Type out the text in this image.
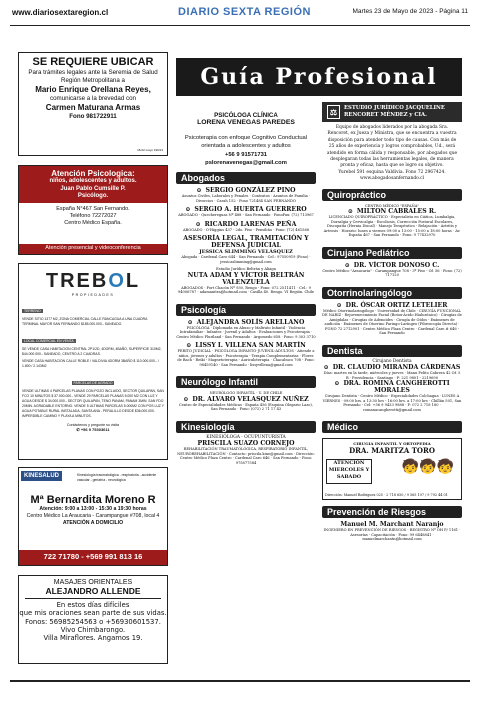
www.diariosextaregion.cl	DIARIO SEXTA REGIÓN	Martes 23 de Mayo de 2023 - Página 11
SE REQUIERE UBICAR
Para trámites legales ante la Seremia de Salud Región Metropolitana a
Mario Enrique Orellana Reyes,
comunicarse a la brevedad con
Carmen Maturana Armas
Fono 981722911
18-02 mayo 196/13
Atención Psicologica:
niños, adolescentes y adultos.
Juan Pablo Cumsille P.
Psicólogo.
España N°467 San Fernando.
Teléfono 72272027
Centro Médico España.
Atención presencial y videoconferencia
TREBOL
PROPIEDADES
TERRENO
VENDE SITIO 1377 M2, ZONA COMERCIAL CALLE RANCAGUA A UNA CUADRA TERMINAL MAYOR SAN FERNANDO $185.000.000.- SANEADO.
LOCAL COMERCIAL EN VENTA
SE VENDE CASA HABITACION CENTRAL 2P1/2D, 4DORM, 4BAÑO, SUPERFICIE 310M2, $44.000.000.- SANEADO, CENTRO A 2 CUADRAS.
VENDE CASA HABITACION CALLE ROBLE / VALDIVIA 4DORM 3BAÑO $ 110.000.000.- / 1.800 / 2.143M2
PARCELAS DE AGRADO
VENDE ULTIMAS 4 PARCELAS PLANAS CON POZO INCLUIDO, SECTOR QUILAPAN, SAN FCO 10 MINUTOS $ 37.000.000.- VENDE 29 PARCELAS PLANAS 5.000 M2 CON LUZ Y AGUA DESDE $ 34.000.000.- SECTOR QUILAPAN, TENO PANAM, PANAM 3MIN. SAN FDO 20MIN. AGRADABLE ENTORNO. VENDE 5 ULTIMAS PARCELAS 5.000M2 CON POS LUZ Y AGUA POTABLE RURAL INSTALADA, SANTA ANA - PERALILLO DESDE $36.000.000. IMPERDIBLE CAMINO Y PLAYA A MINUTOS.
Contáctenos y pregunte su visita
✆ +56 9 75303611
KINESALUD	Kinesiología traumatológica - respiratoria - accidente vascular - geriatría - neurológica
Mª Bernardita Moreno R
Atención: 9:00 a 13:00 - 15:30 a 19:30 horas
Centro Médico La Araucaria - Carampangue #708, local 4
ATENCIÓN A DOMICILIO
722 71780 - +569 991 813 16
MASAJES ORIENTALES
ALEJANDRO ALLENDE
En estos días difíciles
que mis oraciones sean parte de sus vidas.
Fonos: 56985254563 o +56930601537.
Vivo Chimbarongo.
Villa Miraflores. Angamos 19.
Guía Profesional
PSICÓLOGA CLÍNICA
LORENA VENEGAS PAREDES
Psicoterapia con enfoque Cognitivo Conductual orientada a adolescentes y adultos
+56 9 91571731
pslorenavenegas@gmail.com
Abogados
⊙ SERGIO GONZÁLEZ PINO
Asuntos Civiles, Laborales y Penales · Contratos · Asuntos de Familia · Divorcios · Carah 152 · Fono 721484 SAN FERNANDO
⊙ SERGIO A. HUERTA GUERRERO
ABOGADO · Quechereguas Nº 488 - San Fernando · FonoFax: (72) 713967
⊙ RICARDO LARENAS PEÑA
ABOGADO · O'Higgins 437 - 2do. Piso - Pensiliño · Fono: (72) 461568
ASESORÍA LEGAL, TRAMITACIÓN Y DEFENSA JUDICIAL
JESSICA SLIMMING VELÁSQUEZ
Abogada · Cardenal Caro 644 - San Fernando · Cel.: 97550919 (Fono) · jessicaslimming@gmail.com
Estudio Jurídico Beltrán y Aliaga
NUTA ADAM Y VÍCTOR BELTRÁN VALENZUELA
ABOGADOS · Port Chacón Nº 930, Rengo - Fono: 072 2511411 · Cel.: 9 94006787 - adamanitra@hotmail.com · Casilla 40. Rengo. VI Región. Chile
Psicología
⊙ ALEJANDRA SOLÍS ARELLANO
PSICÓLOGA · Diplomada en Abuso y Maltrato Infantil · Violencia Intrafamiliar · Infantes · Juvenil y Adultos · Evaluaciones y Psicoterapia · Centro Médico Pluriland - San Fernando · Argomedo 658 · Fono: 9 303 3710
⊙ LISSY I. VILLENA SAN MARTÍN
PERITO JUDICIAL · PSICÓLOGA INFANTO-JUVENIL-ADULTOS · Atiende a niños, jóvenes y adultos · Psicoterapia - Terapia Complementarias · Flores de Bach - Reiki - Magnetoterapia - Auriculoterapia · Chacabuco 708 - Fono: 98459140 - San Fernando · lissyvillena@gmail.com
Neurólogo Infantil
NEURÓLOGO INFANTIL · U. DE CHILE
⊙ DR. ALVARO VELASQUEZ NUÑEZ
Centro de Especialidades Médicas · España 456 (Esquina Olegario Lazo), San Fernando · Fono: (072) 2 71 17 43
Kinesiología
KINESIÓLOGA · OCUPUNTURISTA
PRISCILA SUAZO CORNEJO
REHABILITACIÓN TRAUMATOLÓGICA, RESPIRATORIO INFANTIL, NEUROREHABILITACIÓN · Contacto: priscila.kine@gmail.com · Dirección: Centro Médico Plaza Centro · Cardenal Caro 646 · San Fernando - Fono: 975877584
⚖	ESTUDIO JURÍDICO JACQUELINE RENCORET MÉNDEZ y CIA.
Equipo de abogados liderados por la abogada Sra. Rencoret, ex Jueza y Ministra, que se encuentra a vuestra disposición para atender todo tipo de causas. Con más de 25 años de experiencia y logros comprobables, Ud., será atendido en forma cálida y responsable, por abogados que desplegaran todas las herramientas legales, de manera pronta y eficaz, hasta que se logre su objetivo.
Yurebel 591 esquina Valdivia. Fono 72 2967424.
www.abogadosanfernando.cl
Quiropráctico
CENTRO MÉDICO "ESPAÑA"
⊙ MILTON CABRALES R.
LICENCIADO QUIROPRÁCTICO · Especialista en Ciática, Lumbalgia, Dorsalgia y Cervicalgia · Escoliosis, Corrección Postural Escolares, Discopatía (Hernia Discal) · Manejo Terapéutico - Relajación - Artritis y Artrosis · Horario: lunes a viernes 09:00 a 13:00 - 15:00 a 18:00 horas · Av. España 467 - San Fernando - Fono: 9 77432970
Cirujano Pediátrico
⊙ DR. VÍCTOR DONOSO C.
Centro Médico "Araucaria" · Carampangue 708 - 3º Piso - Of. 56 · Fono: (72) 717120
Otorrinolaringólogo
⊙ DR. ÓSCAR ORTIZ LETELIER
Médico Otorrinolaringólogo · Universidad de Chile · CIRUGÍA FUNCIONAL DE NARIZ · Rejuvenecimiento Facial (Botox-Ácido Hialurónico) · Cirugías de Amígdalas - Cirugías de Adenoides · Cirugía de Oídos - Exámenes de audición · Exámenes de Otorrino Faringo-Laríngeo (Fibroscopía Directa) · FONO 72 2712901 · Centro Médico Plaza Centro · Cardenal Caro # 646 - San Fernando
Dentista
Cirujano Dentista
⊙ DR. CLAUDIO MIRANDA CÁRDENAS
Días: martes en la tarde, miércoles y jueves · Manu Felito Cabrera 42 Of. 5 B · Providencia - Santiago · F: 221 9801 - 2219690
⊙ DRA. ROMINA CANGHEROTTI MORALES
Cirujano Dentista - Centro Médico · Especialidades Colchagua · LUNES A VIERNES · 09:00 hrs. a 13:30 hrs - 16:00 hrs. a 17:00 hrs · Chillán 501, San Fernando - Cel: +56 9 9433 9888 · F: 072 2 718 180 · romanacangherotti@gmail.com
Médico
CIRUGIA INFANTIL Y ORTOPEDIA
DRA. MARITZA TORO
ATENCIÓN MIERCOLES Y SABADO
🧒🧒🧒
Dirección: Manuel Rodriguez 025 · 2 718 650 / 9 565 197 / 9 792 44 01
Prevención de Riesgos
Manuel M. Marchant Naranjo
INGENIERO EN PREVENCIÓN DE RIESGOS · REGISTRO Nº OH P/ 1161 · Asesorías - Capacitación · Fono: 99 6448841 · manuelmarchantn@hotmail.com
